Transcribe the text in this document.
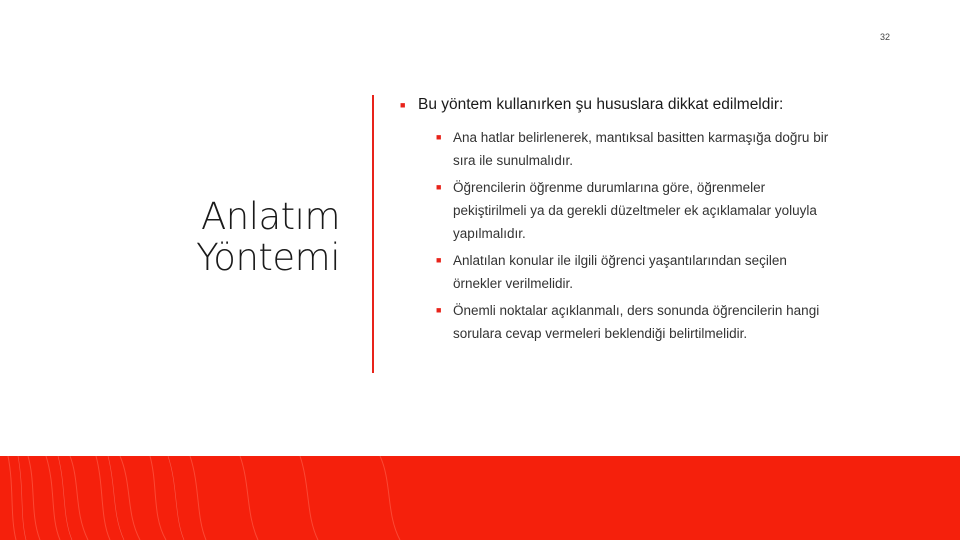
32
Anlatım
Yöntemi
■ Bu yöntem kullanırken şu hususlara dikkat edilmeldir:
■ Ana hatlar belirlenerek, mantıksal basitten karmaşığa doğru bir sıra ile sunulmalıdır.
■ Öğrencilerin öğrenme durumlarına göre, öğrenmeler pekiştirilmeli ya da gerekli düzeltmeler ek açıklamalar yoluyla yapılmalıdır.
■ Anlatılan konular ile ilgili öğrenci yaşantılarından seçilen örnekler verilmelidir.
■ Önemli noktalar açıklanmalı, ders sonunda öğrencilerin hangi sorulara cevap vermeleri beklendiği belirtilmelidir.
